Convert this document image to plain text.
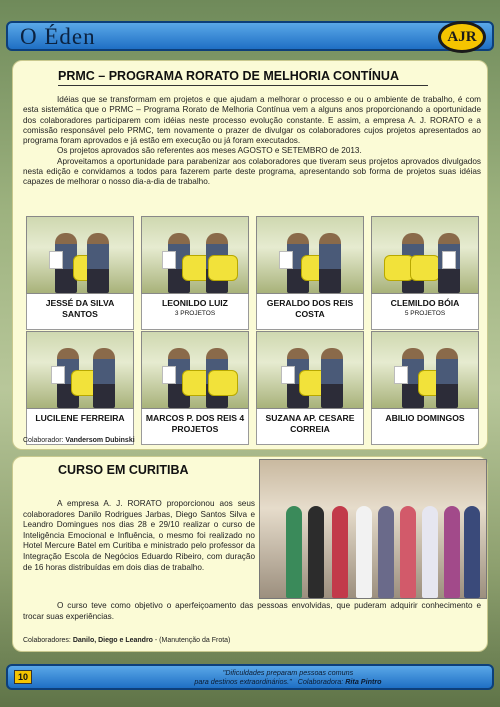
O Éden	AJR
PRMC – PROGRAMA RORATO DE MELHORIA CONTÍNUA

Idéias que se transformam em projetos e que ajudam a melhorar o processo e ou o ambiente de trabalho, é com esta sistemática que o PRMC – Programa Rorato de Melhoria Contínua vem a alguns anos proporcionando a oportunidade dos colaboradores participarem com idéias neste processo evolução constante. E assim, a empresa A. J. RORATO e a comissão responsável pelo PRMC, tem novamente o prazer de divulgar os colaboradores cujos projetos apresentados ao programa foram aprovados e já estão em execução ou já foram executados.

Os projetos aprovados são referentes aos meses AGOSTO e SETEMBRO de 2013.

Aproveitamos a oportunidade para parabenizar aos colaboradores que tiveram seus projetos aprovados divulgados nesta edição e convidamos a todos para fazerem parte deste programa, apresentando sob forma de projetos suas idéias capazes de melhorar o nosso dia-a-dia de trabalho.

JESSÉ DA SILVA SANTOS
LEONILDO LUIZ
3 PROJETOS
GERALDO DOS REIS COSTA
CLEMILDO BÓIA
5 PROJETOS
LUCILENE FERREIRA	MARCOS P. DOS REIS 4 PROJETOS
SUZANA AP. CESARE CORREIA
ABILIO DOMINGOS
Colaborador: Vandersom Dubinski
CURSO EM CURITIBA

A empresa A. J. RORATO proporcionou aos seus colaboradores Danilo Rodrigues Jarbas, Diego Santos Silva e Leandro Domingues nos dias 28 e 29/10 realizar o curso de Inteligência Emocional e Influência, o mesmo foi realizado no Hotel Mercure Batel em Curitiba e ministrado pelo professor da Integração Escola de Negócios Eduardo Ribeiro, com duração de 16 horas distribuídas em dois dias de trabalho.

O curso teve como objetivo o aperfeiçoamento das pessoas envolvidas, que puderam adquirir conhecimento e trocar suas experiências.
Colaboradores: Danilo, Diego e Leandro - (Manutenção da Frota)
10	"Dificuldades preparam pessoas comuns
para destinos extraordinários." Colaboradora: Rita Pintro
